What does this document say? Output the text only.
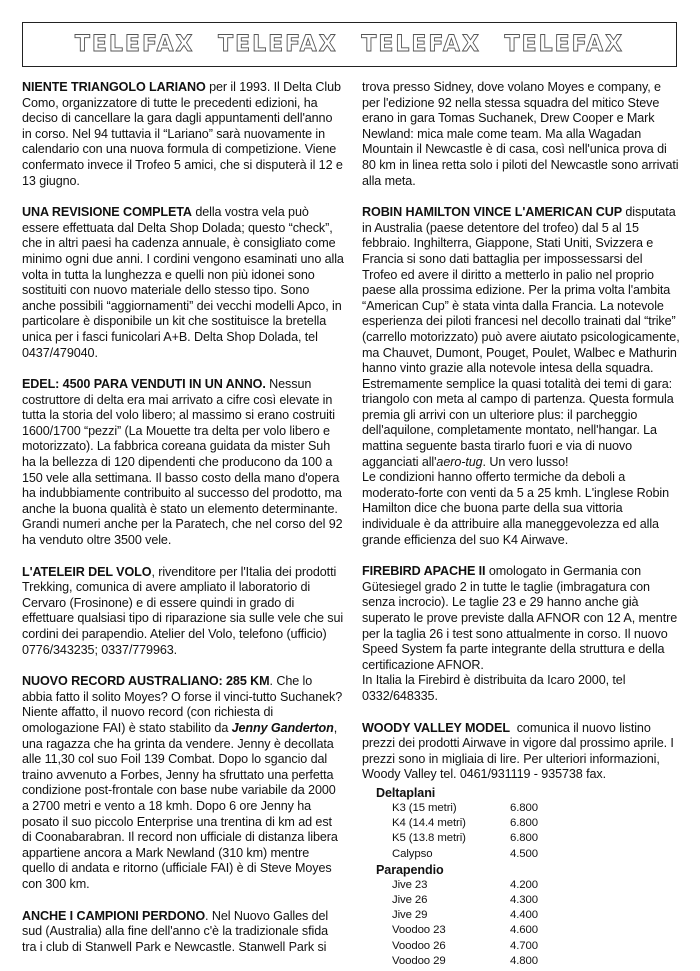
TELEFAX TELEFAX TELEFAX TELEFAX

NIENTE TRIANGOLO LARIANO per il 1993. Il Delta Club Como, organizzatore di tutte le precedenti edizioni, ha deciso di cancellare la gara dagli appuntamenti dell'anno in corso. Nel 94 tuttavia il “Lariano” sarà nuovamente in calendario con una nuova formula di competizione. Viene confermato invece il Trofeo 5 amici, che si disputerà il 12 e 13 giugno.

UNA REVISIONE COMPLETA della vostra vela può essere effettuata dal Delta Shop Dolada; questo “check”, che in altri paesi ha cadenza annuale, è consigliato come minimo ogni due anni. I cordini vengono esaminati uno alla volta in tutta la lunghezza e quelli non più idonei sono sostituiti con nuovo materiale dello stesso tipo. Sono anche possibili “aggiornamenti” dei vecchi modelli Apco, in particolare è disponibile un kit che sostituisce la bretella unica per i fasci funicolari A+B. Delta Shop Dolada, tel 0437/479040.

EDEL: 4500 PARA VENDUTI IN UN ANNO. Nessun costruttore di delta era mai arrivato a cifre così elevate in tutta la storia del volo libero; al massimo si erano costruiti 1600/1700 “pezzi” (La Mouette tra delta per volo libero e motorizzato). La fabbrica coreana guidata da mister Suh ha la bellezza di 120 dipendenti che producono da 100 a 150 vele alla settimana. Il basso costo della mano d'opera ha indubbiamente contribuito al successo del prodotto, ma anche la buona qualità è stato un elemento determinante.

Grandi numeri anche per la Paratech, che nel corso del 92 ha venduto oltre 3500 vele.

L'ATELEIR DEL VOLO, rivenditore per l'Italia dei prodotti Trekking, comunica di avere ampliato il laboratorio di Cervaro (Frosinone) e di essere quindi in grado di effettuare qualsiasi tipo di riparazione sia sulle vele che sui cordini dei parapendio. Atelier del Volo, telefono (ufficio) 0776/343235; 0337/779963.

NUOVO RECORD AUSTRALIANO: 285 KM. Che lo abbia fatto il solito Moyes? O forse il vinci-tutto Suchanek? Niente affatto, il nuovo record (con richiesta di omologazione FAI) è stato stabilito da Jenny Ganderton, una ragazza che ha grinta da vendere. Jenny è decollata alle 11,30 col suo Foil 139 Combat. Dopo lo sgancio dal traino avvenuto a Forbes, Jenny ha sfruttato una perfetta condizione post-frontale con base nube variabile da 2000 a 2700 metri e vento a 18 kmh. Dopo 6 ore Jenny ha posato il suo piccolo Enterprise una trentina di km ad est di Coonabarabran. Il record non ufficiale di distanza libera appartiene ancora a Mark Newland (310 km) mentre quello di andata e ritorno (ufficiale FAI) è di Steve Moyes con 300 km.

ANCHE I CAMPIONI PERDONO. Nel Nuovo Galles del sud (Australia) alla fine dell'anno c'è la tradizionale sfida tra i club di Stanwell Park e Newcastle. Stanwell Park si

trova presso Sidney, dove volano Moyes e company, e per l'edizione 92 nella stessa squadra del mitico Steve erano in gara Tomas Suchanek, Drew Cooper e Mark Newland: mica male come team. Ma alla Wagadan Mountain il Newcastle è di casa, così nell'unica prova di 80 km in linea retta solo i piloti del Newcastle sono arrivati alla meta.

ROBIN HAMILTON VINCE L'AMERICAN CUP disputata in Australia (paese detentore del trofeo) dal 5 al 15 febbraio. Inghilterra, Giappone, Stati Uniti, Svizzera e Francia si sono dati battaglia per impossessarsi del Trofeo ed avere il diritto a metterlo in palio nel proprio paese alla prossima edizione. Per la prima volta l'ambita “American Cup” è stata vinta dalla Francia. La notevole esperienza dei piloti francesi nel decollo trainati dal “trike” (carrello motorizzato) può avere aiutato psicologicamente, ma Chauvet, Dumont, Pouget, Poulet, Walbec e Mathurin hanno vinto grazie alla notevole intesa della squadra. Estremamente semplice la quasi totalità dei temi di gara: triangolo con meta al campo di partenza. Questa formula premia gli arrivi con un ulteriore plus: il parcheggio dell'aquilone, completamente montato, nell'hangar. La mattina seguente basta tirarlo fuori e via di nuovo agganciati all'aero-tug. Un vero lusso!

Le condizioni hanno offerto termiche da deboli a moderato-forte con venti da 5 a 25 kmh. L'inglese Robin Hamilton dice che buona parte della sua vittoria individuale è da attribuire alla maneggevolezza ed alla grande efficienza del suo K4 Airwave.

FIREBIRD APACHE II omologato in Germania con Gütesiegel grado 2 in tutte le taglie (imbragatura con senza incrocio). Le taglie 23 e 29 hanno anche già superato le prove previste dalla AFNOR con 12 A, mentre per la taglia 26 i test sono attualmente in corso. Il nuovo Speed System fa parte integrante della struttura e della certificazione AFNOR.

In Italia la Firebird è distribuita da Icaro 2000, tel 0332/648335.

WOODY VALLEY MODEL  comunica il nuovo listino prezzi dei prodotti Airwave in vigore dal prossimo aprile. I prezzi sono in migliaia di lire. Per ulteriori informazioni, Woody Valley tel. 0461/931119 - 935738 fax.

Deltaplani
K3 (15 metri)	6.800
K4 (14.4 metri)	6.800
K5 (13.8 metri)	6.800
Calypso	4.500
Parapendio
Jive 23	4.200
Jive 26	4.300
Jive 29	4.400
Voodoo 23	4.600
Voodoo 26	4.700
Voodoo 29	4.800
